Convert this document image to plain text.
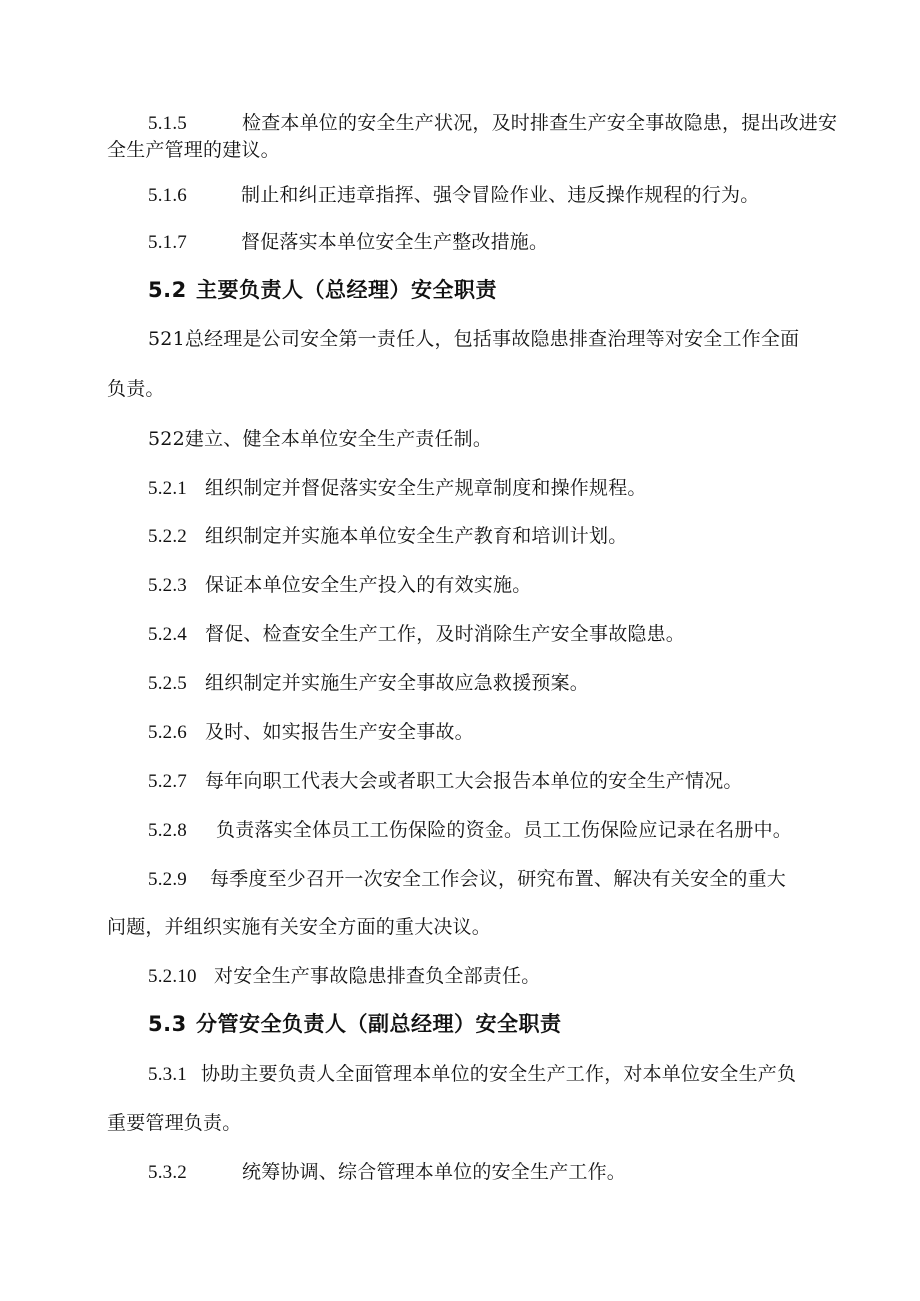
5.1.5	检查本单位的安全生产状况，及时排查生产安全事故隐患，提出改进安
全生产管理的建议。
5.1.6	制止和纠正违章指挥、强令冒险作业、违反操作规程的行为。
5.1.7	督促落实本单位安全生产整改措施。
5.2 主要负责人（总经理）安全职责
521总经理是公司安全第一责任人，包括事故隐患排查治理等对安全工作全面
负责。
522建立、健全本单位安全生产责任制。
5.2.1 组织制定并督促落实安全生产规章制度和操作规程。
5.2.2 组织制定并实施本单位安全生产教育和培训计划。
5.2.3 保证本单位安全生产投入的有效实施。
5.2.4 督促、检查安全生产工作，及时消除生产安全事故隐患。
5.2.5 组织制定并实施生产安全事故应急救援预案。
5.2.6 及时、如实报告生产安全事故。
5.2.7 每年向职工代表大会或者职工大会报告本单位的安全生产情况。
5.2.8 负责落实全体员工工伤保险的资金。员工工伤保险应记录在名册中。
5.2.9 每季度至少召开一次安全工作会议，研究布置、解决有关安全的重大
问题，并组织实施有关安全方面的重大决议。
5.2.10 对安全生产事故隐患排查负全部责任。
5.3 分管安全负责人（副总经理）安全职责
5.3.1 协助主要负责人全面管理本单位的安全生产工作，对本单位安全生产负
重要管理负责。
5.3.2	统筹协调、综合管理本单位的安全生产工作。
